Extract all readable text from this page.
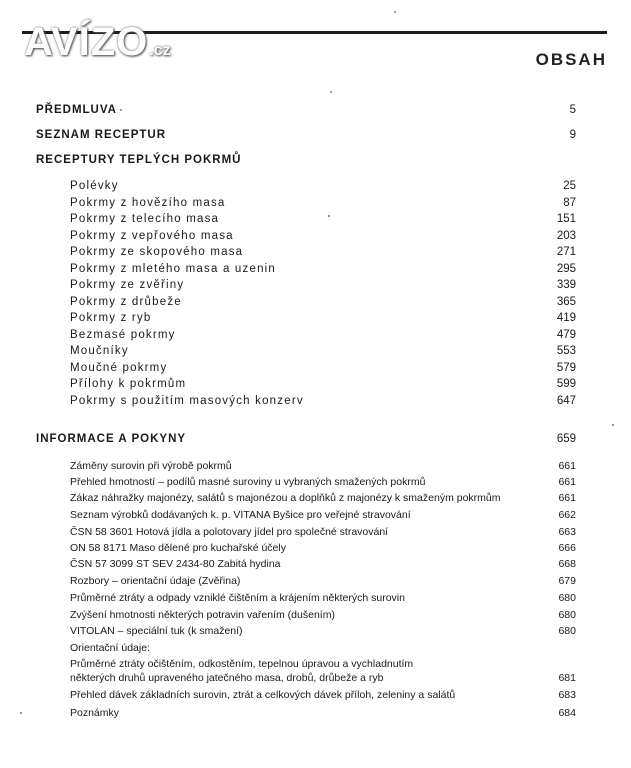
AVÍZO.cz	OBSAH
PŘEDMLUVA	5
SEZNAM RECEPTUR	9
RECEPTURY TEPLÝCH POKRMŮ
Polévky	25
Pokrmy z hovězího masa	87
Pokrmy z telecího masa	151
Pokrmy z vepřového masa	203
Pokrmy ze skopového masa	271
Pokrmy z mletého masa a uzenin	295
Pokrmy ze zvěřiny	339
Pokrmy z drůbeže	365
Pokrmy z ryb	419
Bezmasé pokrmy	479
Moučníky	553
Moučné pokrmy	579
Přílohy k pokrmům	599
Pokrmy s použitím masových konzerv	647
INFORMACE A POKYNY	659
Záměny surovin při výrobě pokrmů	661
Přehled hmotností – podílů masné suroviny u vybraných smažených pokrmů	661
Zákaz náhražky majonézy, salátů s majonézou a doplňků z majonézy k smaženým pokrmům	661
Seznam výrobků dodávaných k. p. VITANA Byšice pro veřejné stravování	662
ČSN 58 3601 Hotová jídla a polotovary jídel pro společné stravování	663
ON 58 8171 Maso dělené pro kuchařské účely	666
ČSN 57 3099 ST SEV 2434-80 Zabitá hydina	668
Rozbory – orientační údaje (Zvěřina)	679
Průměrné ztráty a odpady vzniklé čištěním a krájením některých surovin	680
Zvýšení hmotnosti některých potravin vařením (dušením)	680
VITOLAN – speciální tuk (k smažení)	680
Orientační údaje:
Průměrné ztráty očištěním, odkostěním, tepelnou úpravou a vychladnutím
některých druhů upraveného jatečného masa, drobů, drůbeže a ryb	681
Přehled dávek základních surovin, ztrát a celkových dávek příloh, zeleniny a salátů	683
Poznámky	684
